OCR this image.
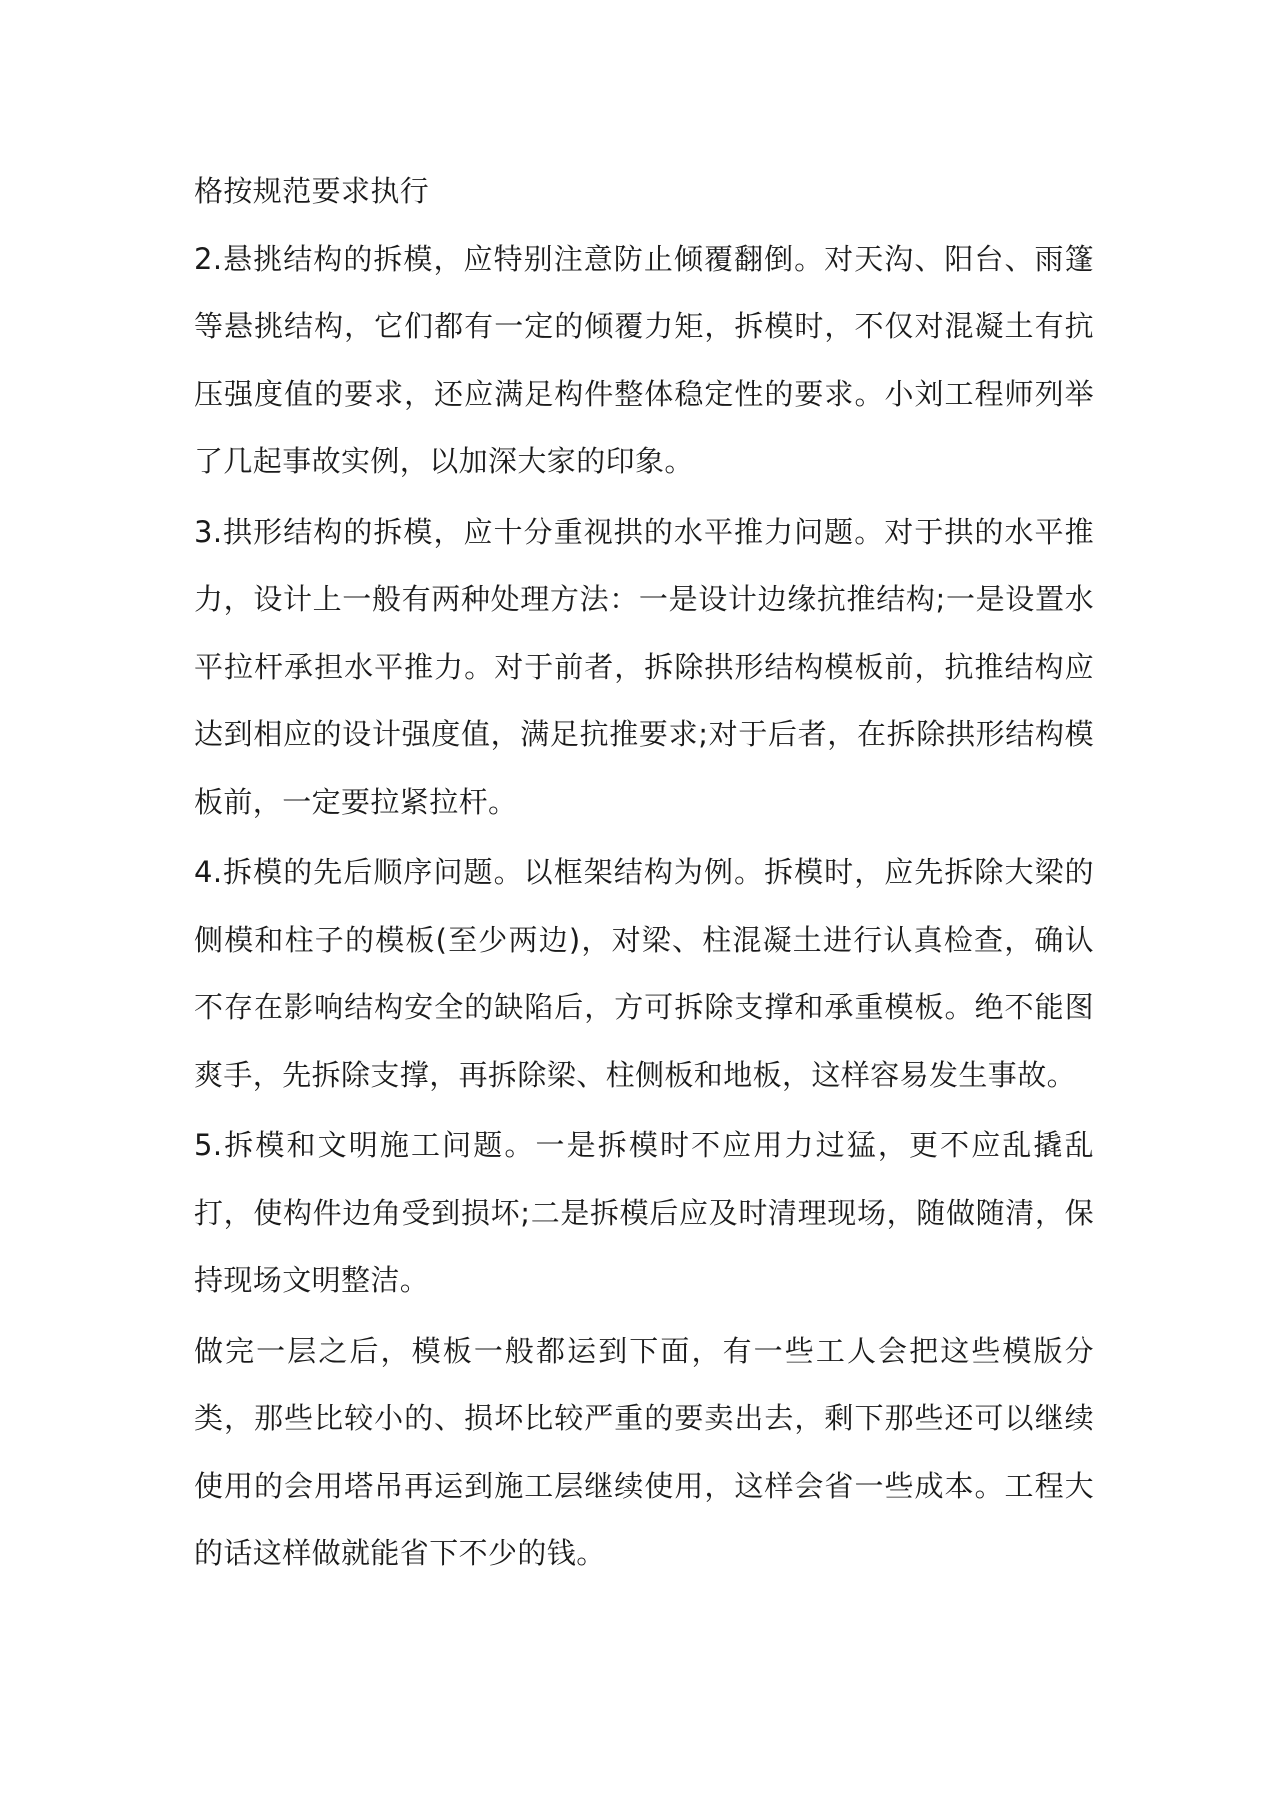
格按规范要求执行

2.悬挑结构的拆模，应特别注意防止倾覆翻倒。对天沟、阳台、雨篷等悬挑结构，它们都有一定的倾覆力矩，拆模时，不仅对混凝土有抗压强度值的要求，还应满足构件整体稳定性的要求。小刘工程师列举了几起事故实例，以加深大家的印象。

3.拱形结构的拆模，应十分重视拱的水平推力问题。对于拱的水平推力，设计上一般有两种处理方法：一是设计边缘抗推结构;一是设置水平拉杆承担水平推力。对于前者，拆除拱形结构模板前，抗推结构应达到相应的设计强度值，满足抗推要求;对于后者，在拆除拱形结构模板前，一定要拉紧拉杆。

4.拆模的先后顺序问题。以框架结构为例。拆模时，应先拆除大梁的侧模和柱子的模板(至少两边)，对梁、柱混凝土进行认真检查，确认不存在影响结构安全的缺陷后，方可拆除支撑和承重模板。绝不能图爽手，先拆除支撑，再拆除梁、柱侧板和地板，这样容易发生事故。

5.拆模和文明施工问题。一是拆模时不应用力过猛，更不应乱撬乱打，使构件边角受到损坏;二是拆模后应及时清理现场，随做随清，保持现场文明整洁。

做完一层之后，模板一般都运到下面，有一些工人会把这些模版分类，那些比较小的、损坏比较严重的要卖出去，剩下那些还可以继续使用的会用塔吊再运到施工层继续使用，这样会省一些成本。工程大的话这样做就能省下不少的钱。
